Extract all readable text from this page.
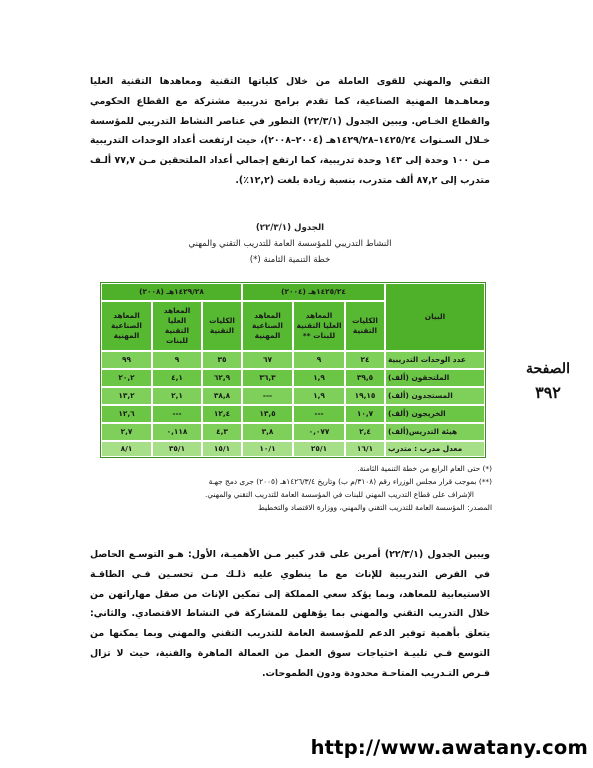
التقني والمهني للقوى العاملة من خلال كلياتها التقنية ومعاهدها التقنية العليا ومعاهـدها المهنية الصناعية، كما تقدم برامج تدريبية مشتركة مع القطاع الحكومي والقطاع الخـاص. ويبين الجدول (٢٢/٣/١) التطور في عناصر النشاط التدريبي للمؤسسة خـلال السـنوات ١٤٢٥/٢٤–١٤٢٩/٢٨هـ (٢٠٠٤–٢٠٠٨)، حيث ارتفعت أعداد الوحدات التدريبية مـن ١٠٠ وحدة إلى ١٤٣ وحدة تدريبية، كما ارتفع إجمالي أعداد الملتحقين مـن ٧٧,٧ ألـف متدرب إلى ٨٧,٢ ألف متدرب، بنسبة زيادة بلغت (١٢,٢٪).
الجدول (٢٢/٣/١)
النشاط التدريبي للمؤسسة العامة للتدريب التقني والمهني
خطة التنمية الثامنة (*)
الصفحة
٣٩٢
البيان
١٤٢٥/٢٤هـ (٢٠٠٤)
١٤٢٩/٢٨هـ (٢٠٠٨)
الكليات التقنية
المعاهد العليا التقنية للبنات **
المعاهد الصناعية المهنية
الكليات التقنية
المعاهد العليا التقنية للبنات
المعاهد الصناعية المهنية
عدد الوحدات التدريبية
٢٤
٩
٦٧
٣٥
٩
٩٩
الملتحقون (ألف)
٣٩,٥
١,٩
٣٦,٣
٦٢,٩
٤,١
٢٠,٢
المستجدون (ألف)
١٩,١٥
١,٩
---
٣٨,٨
٢,١
١٣,٢
الخريجون (ألف)
١٠,٧
---
١٣,٥
١٢,٤
---
١٢,٦
هيئة التدريس(ألف)
٢,٤
٠,٠٧٧
٣,٨
٤,٣
٠,١١٨
٢,٧
معدل مدرب : متدرب
١٦/١
٢٥/١
١٠/١
١٥/١
٣٥/١
٨/١
(*) حتى العام الرابع من خطة التنمية الثامنة.
(**) بموجب قرار مجلس الوزراء رقم (٣١٠٨/م ب) وتاريخ ١٤٢٦/٣/٤هـ (٢٠٠٥) جرى دمج جهـة
الإشراف على قطاع التدريب المهني للبنات في المؤسسة العامة للتدريب التقني والمهني.
المصدر: المؤسسة العامة للتدريب التقني والمهني، ووزارة الاقتصاد والتخطيط
ويبين الجدول (٢٢/٣/١) أمرين على قدر كبير مـن الأهميـة، الأول: هـو التوسـع الحاصل في الفرص التدريبية للإناث مع ما ينطوي عليه ذلـك مـن تحسـين فـي الطاقـة الاستيعابية للمعاهد، وبما يؤكد سعي المملكة إلى تمكين الإناث من صقل مهاراتهن من خلال التدريب التقني والمهني بما يؤهلهن للمشاركة في النشاط الاقتصادي. والثاني: يتعلق بأهمية توفير الدعم للمؤسسة العامة للتدريب التقني والمهني وبما يمكنها من التوسع فـي تلبيـة احتياجات سوق العمل من العمالة الماهرة والفنية، حيث لا تزال فـرص التـدريب المتاحـة محدودة ودون الطموحات.
http://www.awatany.com
